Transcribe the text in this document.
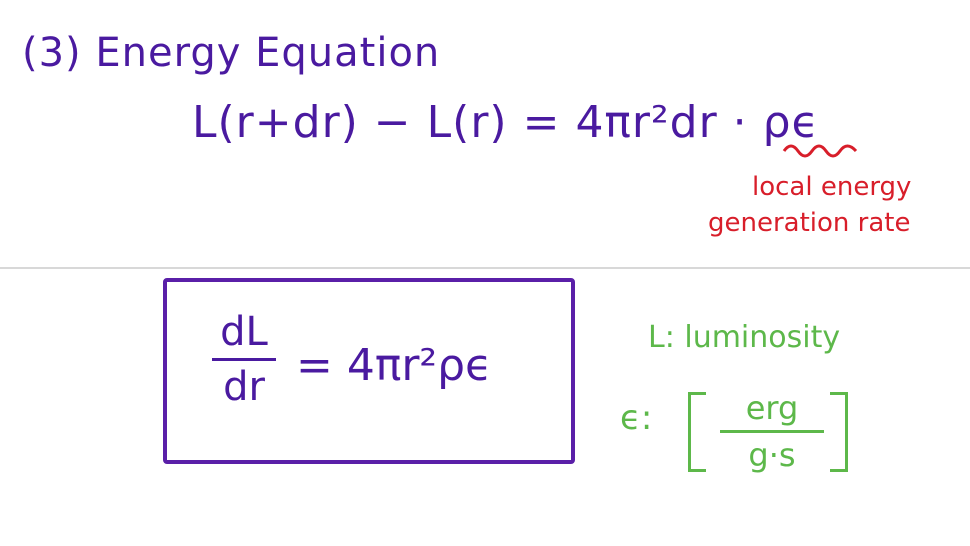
(3) Energy Equation
L(r+dr) − L(r) = 4πr²dr · ρϵ
local energy
generation rate
dL
dr = 4πr²ρϵ
L: luminosity
ϵ:	erg
g·s
